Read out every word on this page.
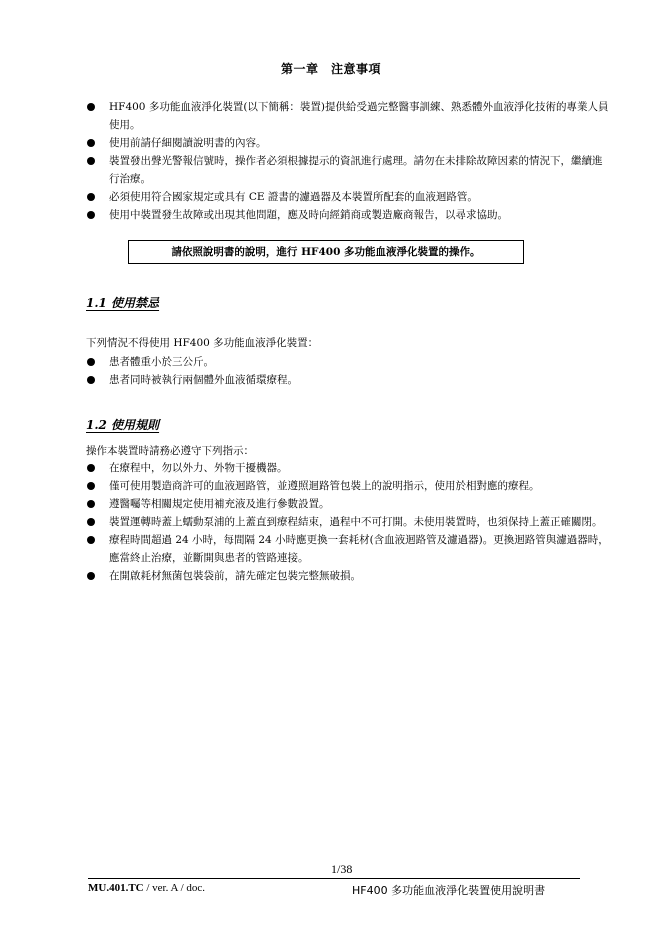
第一章　注意事項
HF400 多功能血液淨化裝置(以下簡稱：裝置)提供給受過完整醫事訓練、熟悉體外血液淨化技術的專業人員使用。
使用前請仔細閱讀說明書的內容。
裝置發出聲光警報信號時，操作者必須根據提示的資訊進行處理。請勿在未排除故障因素的情況下，繼續進行治療。
必須使用符合國家規定或具有 CE 證書的濾過器及本裝置所配套的血液迴路管。
使用中裝置發生故障或出現其他問題，應及時向經銷商或製造廠商報告，以尋求協助。
請依照說明書的說明，進行 HF400 多功能血液淨化裝置的操作。
1.1 使用禁忌
下列情況不得使用 HF400 多功能血液淨化裝置：
患者體重小於三公斤。
患者同時被執行兩個體外血液循環療程。
1.2 使用規則
操作本裝置時請務必遵守下列指示：
在療程中，勿以外力、外物干擾機器。
僅可使用製造商許可的血液迴路管，並遵照迴路管包裝上的說明指示，使用於相對應的療程。
遵醫囑等相關規定使用補充液及進行參數設置。
裝置運轉時蓋上蠕動泵浦的上蓋直到療程結束，過程中不可打開。未使用裝置時，也須保持上蓋正確關閉。
療程時間超過 24 小時，每間隔 24 小時應更換一套耗材(含血液迴路管及濾過器)。更換迴路管與濾過器時，應當終止治療，並斷開與患者的管路連接。
在開啟耗材無菌包裝袋前，請先確定包裝完整無破損。
1/38
MU.401.TC / ver. A / doc.	HF400 多功能血液淨化裝置使用說明書
